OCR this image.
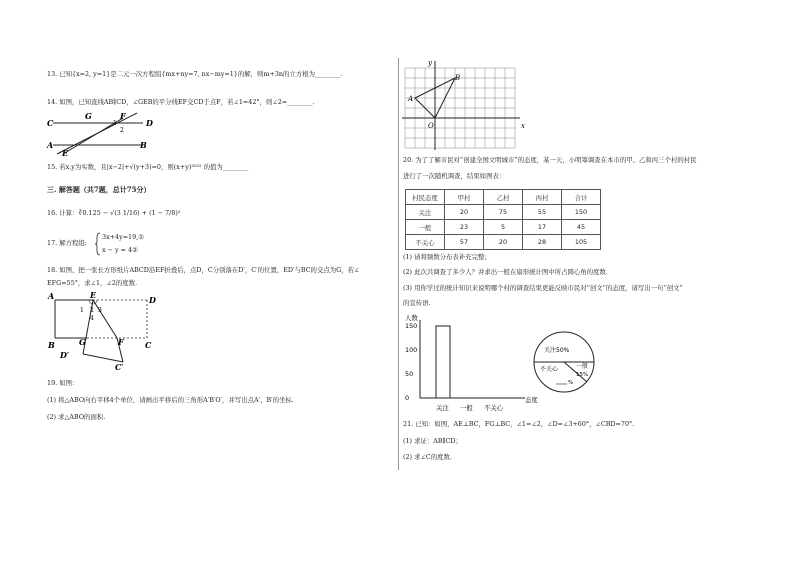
13. 已知{x=2, y=1}是二元一次方程组{mx+ny=7, nx−my=1}的解，则m+3n的立方根为________.
14. 如图，已知直线AB∥CD，∠GEB的平分线EF交CD于点F，若∠1=42°，则∠2=________.
C
G	F
1
2
D
A
E
B
15. 若x,y为实数，且|x−2|+√(y+3)=0，则(x+y)²⁰²² 的值为________
三. 解答题（共7题，总计75分）
16. 计算：∛0.125 − √(3 1/16) + (1 − 7/8)²
17. 解方程组:
3x+4y=19,①
x − y = 4②
18. 如图，把一张长方形纸片ABCD沿EF折叠后，点D，C分别落在D′，C′的位置，ED′与BC的交点为G，若∠
EFG=55°，求∠1，∠2的度数.
A	E	D
1 2 3
4
B	G	F	C
D′
C′
19. 如图：
(1) 将△ABO向右平移4个单位，请画出平移后的三角形A′B′O′，并写出点A′、B′的坐标.
(2) 求△ABO的面积.
y
x
A
B
O
20. 为了了解市民对“创建全国文明城市”的态度，某一天，小明筹调查在本市的甲、乙和丙三个村的村民
进行了一次随机调查，结果如图表：
村民态度	甲村	乙村	丙村	合计
关注	20	75	55	150
一般	23	5	17	45
不关心	57	20	28	105
(1) 请将频数分布表补充完整；
(2) 此次共调查了多少人？并求出一般在扇形统计图中所占圆心角的度数.
(3) 用你学过的统计知识来说明哪个村的调查结果更能反映市民对“创文”的态度，请写出一句“创文”
的宣传语.
人数
0
50
100
150
关注 一般 不关心
态度
关注50%
不关心	一般
15%
%
21. 已知：如图，AE⊥BC，FG⊥BC，∠1=∠2，∠D=∠3+60°，∠CBD=70°.
(1) 求证：AB∥CD；
(2) 求∠C的度数.
